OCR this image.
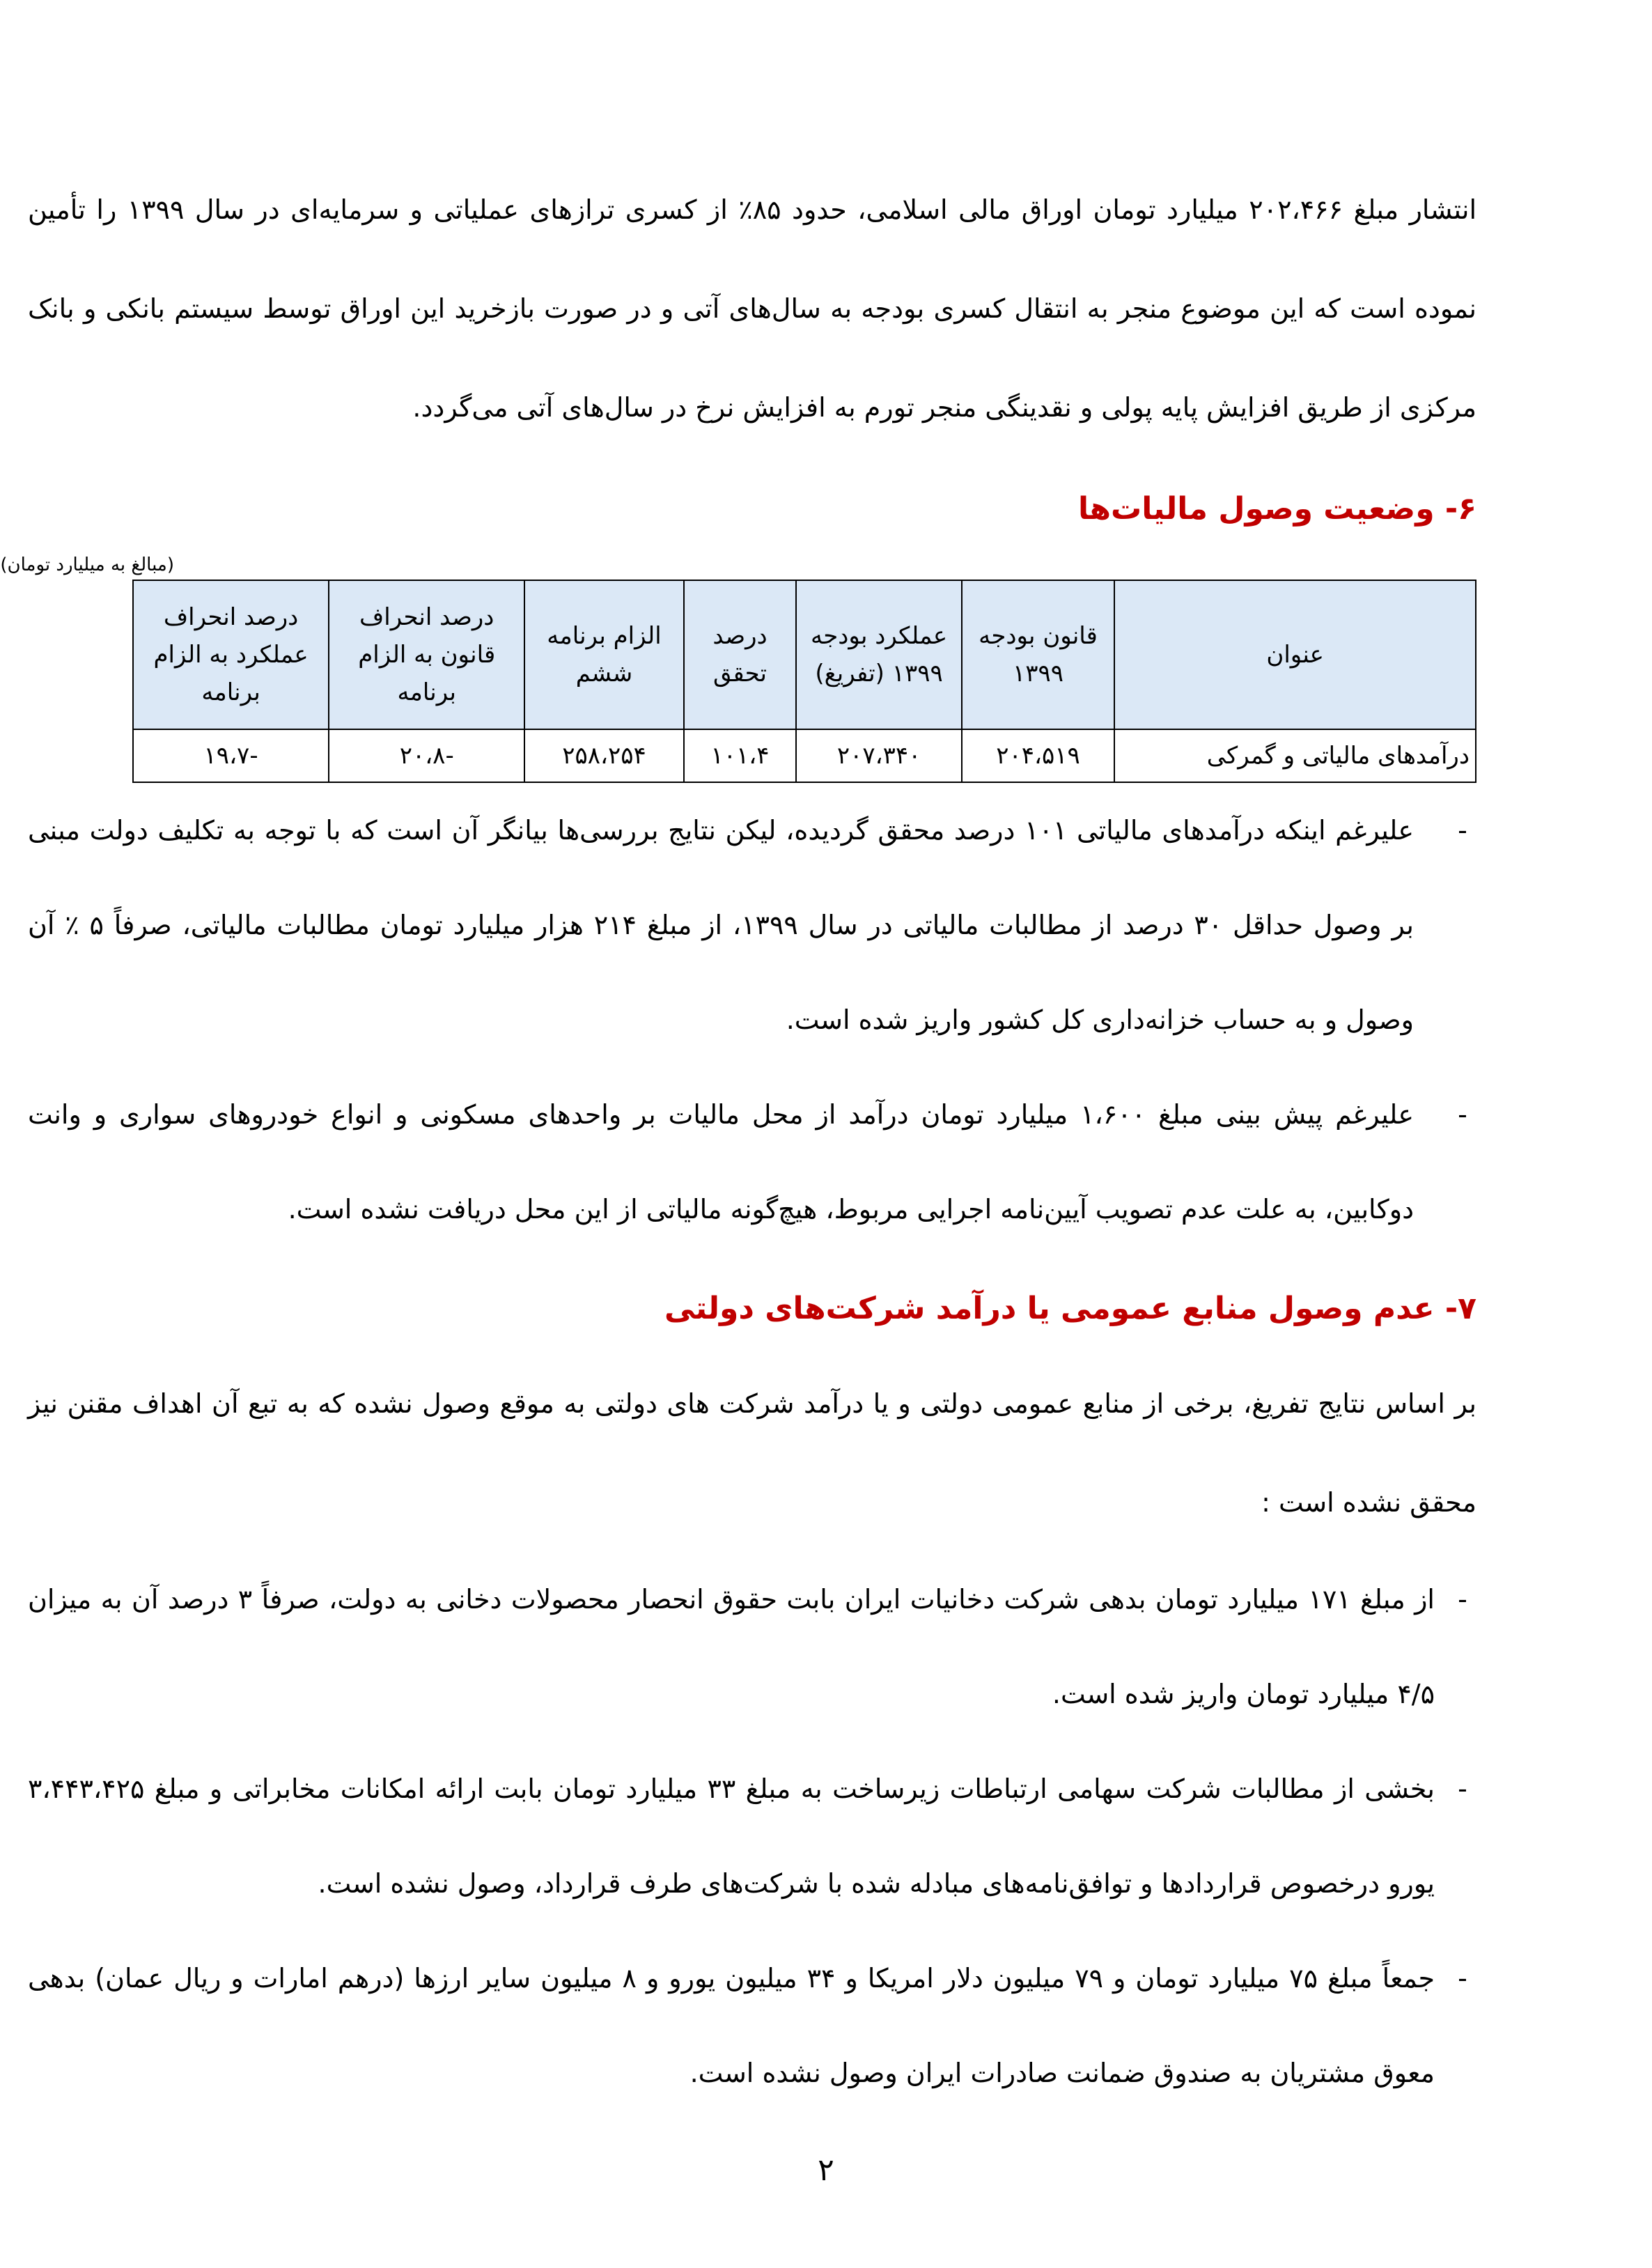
انتشار مبلغ ۲۰۲،۴۶۶ میلیارد تومان اوراق مالی اسلامی، حدود ۸۵٪ از کسری ترازهای عملیاتی و سرمایه‌ای در سال ۱۳۹۹ را تأمین نموده است که این موضوع منجر به انتقال کسری بودجه به سال‌های آتی و در صورت بازخرید این اوراق توسط سیستم بانکی و بانک مرکزی از طریق افزایش پایه پولی و نقدینگی منجر تورم به افزایش نرخ در سال‌های آتی می‌گردد.

۶- وضعیت وصول مالیات‌ها
(مبالغ به میلیارد تومان)
عنوان	قانون بودجه ۱۳۹۹	عملکرد بودجه ۱۳۹۹ (تفریغ)	درصد تحقق	الزام برنامه ششم	درصد انحراف قانون به الزام برنامه	درصد انحراف عملکرد به الزام برنامه
درآمدهای مالیاتی و گمرکی	۲۰۴،۵۱۹	۲۰۷،۳۴۰	۱۰۱،۴	۲۵۸،۲۵۴	-۲۰،۸	-۱۹،۷
-
علیرغم اینکه درآمدهای مالیاتی ۱۰۱ درصد محقق گردیده، لیکن نتایج بررسی‌ها بیانگر آن است که با توجه به تکلیف دولت مبنی بر وصول حداقل ۳۰ درصد از مطالبات مالیاتی در سال ۱۳۹۹، از مبلغ ۲۱۴ هزار میلیارد تومان مطالبات مالیاتی، صرفاً ۵ ٪ آن وصول و به حساب خزانه‌داری کل کشور واریز شده است.
-
علیرغم پیش بینی مبلغ ۱،۶۰۰ میلیارد تومان درآمد از محل مالیات بر واحدهای مسکونی و انواع خودروهای سواری و وانت دوکابین، به علت عدم تصویب آیین‌نامه اجرایی مربوط، هیچ‌گونه مالیاتی از این محل دریافت نشده است.
۷- عدم وصول منابع عمومی یا درآمد شرکت‌های دولتی

بر اساس نتایج تفریغ، برخی از منابع عمومی دولتی و یا درآمد شرکت های دولتی به موقع وصول نشده که به تبع آن اهداف مقنن نیز محقق نشده است :

-
از مبلغ ۱۷۱ میلیارد تومان بدهی شرکت دخانیات ایران بابت حقوق انحصار محصولات دخانی به دولت، صرفاً ۳ درصد آن به میزان ۴/۵ میلیارد تومان واریز شده است.
-
بخشی از مطالبات شرکت سهامی ارتباطات زیرساخت به مبلغ ۳۳ میلیارد تومان بابت ارائه امکانات مخابراتی و مبلغ ۳،۴۴۳،۴۲۵ یورو درخصوص قراردادها و توافق‌نامه‌های مبادله شده با شرکت‌های طرف قرارداد، وصول نشده است.
-
جمعاً مبلغ ۷۵ میلیارد تومان و ۷۹ میلیون دلار امریکا و ۳۴ میلیون یورو و ۸ میلیون سایر ارزها (درهم امارات و ریال عمان) بدهی معوق مشتریان به صندوق ضمانت صادرات ایران وصول نشده است.
۲
